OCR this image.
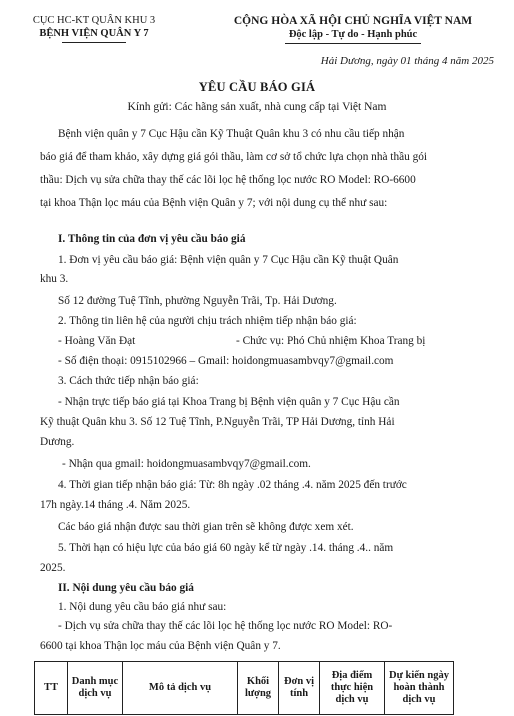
CỤC HC-KT QUÂN KHU 3
BỆNH VIỆN QUÂN Y 7
CỘNG HÒA XÃ HỘI CHỦ NGHĨA VIỆT NAM
Độc lập - Tự do - Hạnh phúc
Hải Dương, ngày 01 tháng 4 năm 2025
YÊU CẦU BÁO GIÁ
Kính gửi: Các hãng sản xuất, nhà cung cấp tại Việt Nam
Bệnh viện quân y 7 Cục Hậu cần Kỹ Thuật Quân khu 3 có nhu cầu tiếp nhận
báo giá để tham khảo, xây dựng giá gói thầu, làm cơ sở tổ chức lựa chọn nhà thầu gói
thầu: Dịch vụ sửa chữa thay thế các lõi lọc hệ thống lọc nước RO Model: RO-6600
tại khoa Thận lọc máu của Bệnh viện Quân y 7; với nội dung cụ thể như sau:
I. Thông tin của đơn vị yêu cầu báo giá
1. Đơn vị yêu cầu báo giá: Bệnh viện quân y 7 Cục Hậu cần Kỹ thuật Quân
khu 3.
Số 12 đường Tuệ Tĩnh, phường Nguyễn Trãi, Tp. Hải Dương.
2. Thông tin liên hệ của người chịu trách nhiệm tiếp nhận báo giá:
- Hoàng Văn Đạt	- Chức vụ: Phó Chủ nhiệm Khoa Trang bị
- Số điện thoại: 0915102966 – Gmail: hoidongmuasambvqy7@gmail.com
3. Cách thức tiếp nhận báo giá:
- Nhận trực tiếp báo giá tại Khoa Trang bị Bệnh viện quân y 7 Cục Hậu cần
Kỹ thuật Quân khu 3. Số 12 Tuệ Tĩnh, P.Nguyễn Trãi, TP Hải Dương, tỉnh Hải
Dương.
- Nhận qua gmail: hoidongmuasambvqy7@gmail.com.
4. Thời gian tiếp nhận báo giá: Từ: 8h ngày .02 tháng .4. năm 2025 đến trước
17h ngày.14 tháng .4. Năm 2025.
Các báo giá nhận được sau thời gian trên sẽ không được xem xét.
5. Thời hạn có hiệu lực của báo giá 60 ngày kể từ ngày .14. tháng .4.. năm
2025.
II. Nội dung yêu cầu báo giá
1. Nội dung yêu cầu báo giá như sau:
- Dịch vụ sửa chữa thay thế các lõi lọc hệ thống lọc nước RO Model: RO-
6600 tại khoa Thận lọc máu của Bệnh viện Quân y 7.
TT	Danh mục dịch vụ	Mô tả dịch vụ	Khối lượng	Đơn vị tính	Địa điểm thực hiện dịch vụ	Dự kiến ngày hoàn thành dịch vụ
